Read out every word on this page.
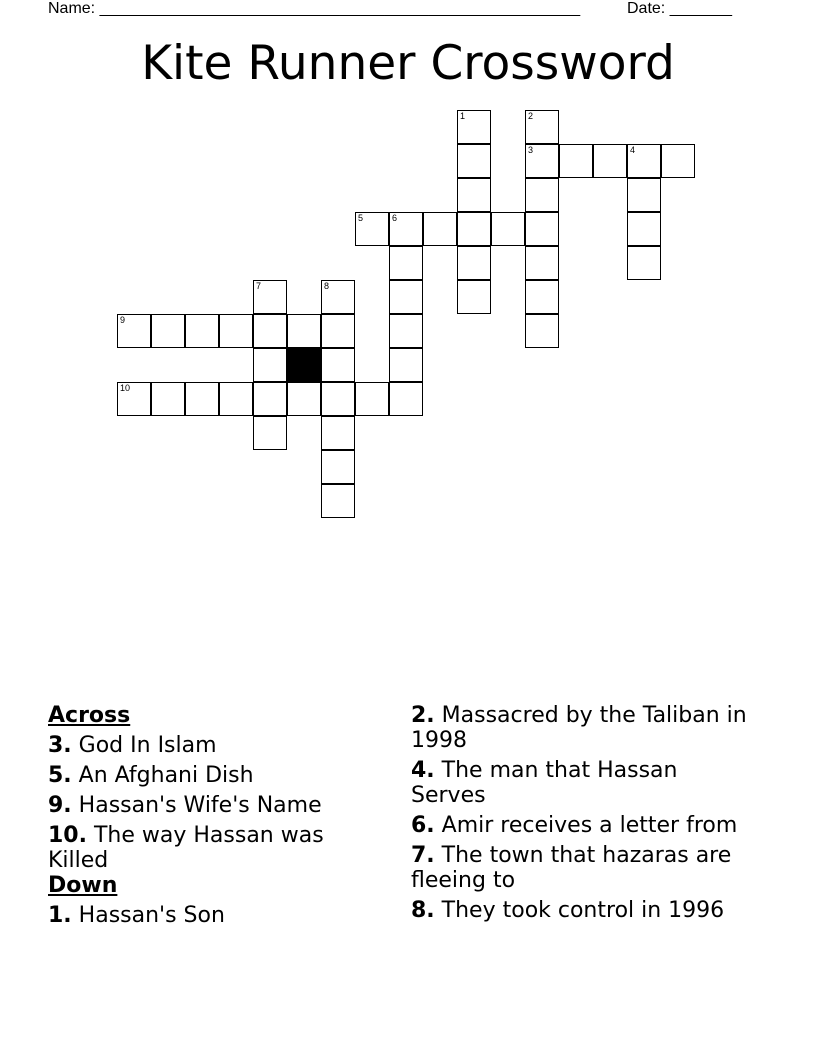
Name: ______________________________________________________	Date: _______
Kite Runner Crossword
1	2
3	4
5	6
7	8
9
10
Across
3. God In Islam
5. An Afghani Dish
9. Hassan's Wife's Name
10. The way Hassan was Killed
Down
1. Hassan's Son
2. Massacred by the Taliban in 1998
4. The man that Hassan Serves
6. Amir receives a letter from
7. The town that hazaras are fleeing to
8. They took control in 1996
